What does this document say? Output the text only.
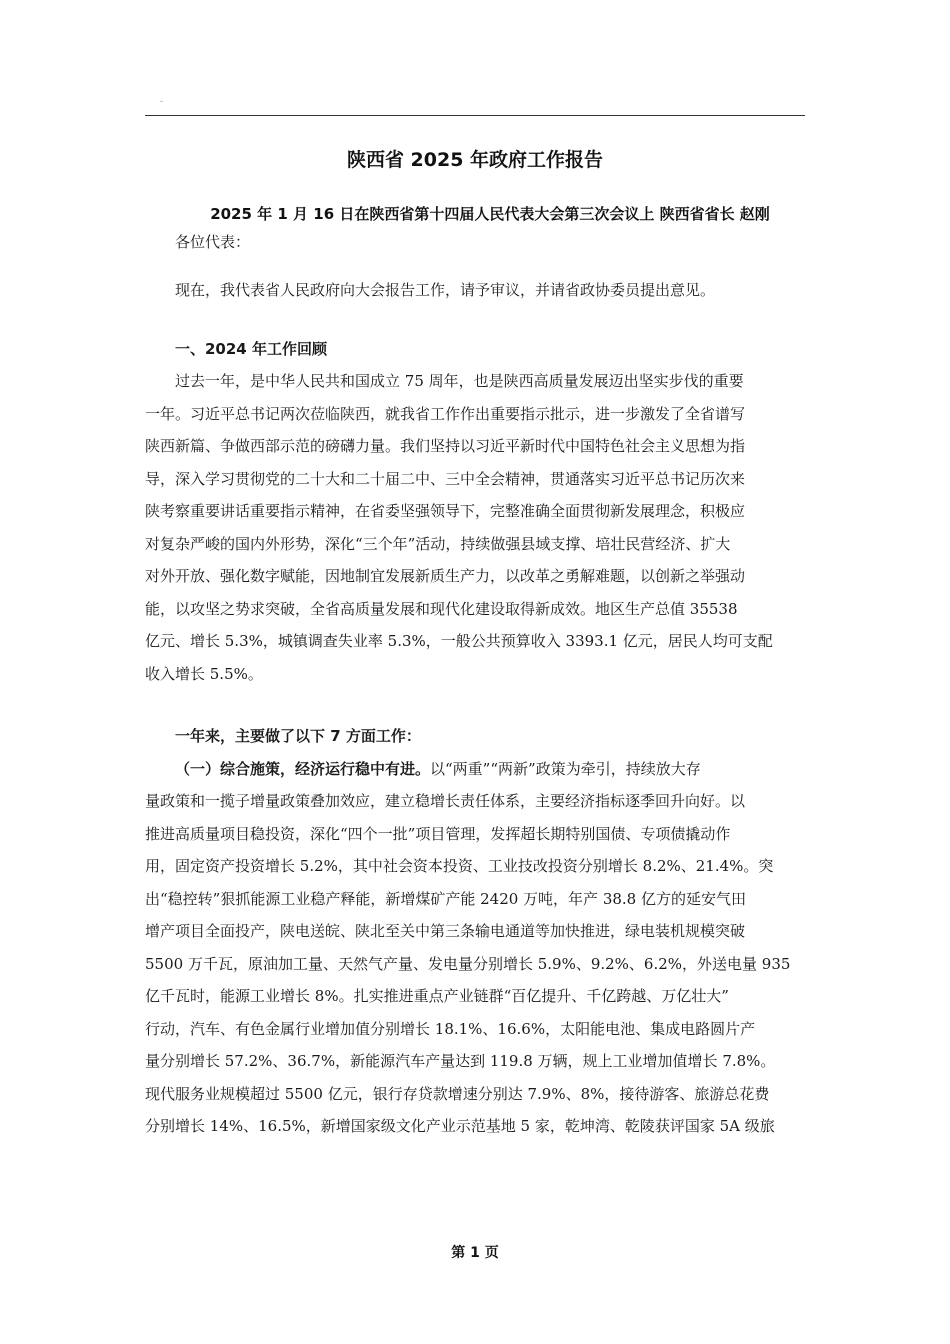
-
陕西省 2025 年政府工作报告
2025 年 1 月 16 日在陕西省第十四届人民代表大会第三次会议上 陕西省省长 赵刚
各位代表：
现在，我代表省人民政府向大会报告工作，请予审议，并请省政协委员提出意见。
一、2024 年工作回顾
过去一年，是中华人民共和国成立 75 周年，也是陕西高质量发展迈出坚实步伐的重要
一年。习近平总书记两次莅临陕西，就我省工作作出重要指示批示，进一步激发了全省谱写
陕西新篇、争做西部示范的磅礴力量。我们坚持以习近平新时代中国特色社会主义思想为指
导，深入学习贯彻党的二十大和二十届二中、三中全会精神，贯通落实习近平总书记历次来
陕考察重要讲话重要指示精神，在省委坚强领导下，完整准确全面贯彻新发展理念，积极应
对复杂严峻的国内外形势，深化“三个年”活动，持续做强县域支撑、培壮民营经济、扩大
对外开放、强化数字赋能，因地制宜发展新质生产力，以改革之勇解难题，以创新之举强动
能，以攻坚之势求突破，全省高质量发展和现代化建设取得新成效。地区生产总值 35538
亿元、增长 5.3%，城镇调查失业率 5.3%，一般公共预算收入 3393.1 亿元，居民人均可支配
收入增长 5.5%。
一年来，主要做了以下 7 方面工作：
（一）综合施策，经济运行稳中有进。以“两重”“两新”政策为牵引，持续放大存
量政策和一揽子增量政策叠加效应，建立稳增长责任体系，主要经济指标逐季回升向好。以
推进高质量项目稳投资，深化“四个一批”项目管理，发挥超长期特别国债、专项债撬动作
用，固定资产投资增长 5.2%，其中社会资本投资、工业技改投资分别增长 8.2%、21.4%。突
出“稳控转”狠抓能源工业稳产释能，新增煤矿产能 2420 万吨，年产 38.8 亿方的延安气田
增产项目全面投产，陕电送皖、陕北至关中第三条输电通道等加快推进，绿电装机规模突破
5500 万千瓦，原油加工量、天然气产量、发电量分别增长 5.9%、9.2%、6.2%，外送电量 935
亿千瓦时，能源工业增长 8%。扎实推进重点产业链群“百亿提升、千亿跨越、万亿壮大”
行动，汽车、有色金属行业增加值分别增长 18.1%、16.6%，太阳能电池、集成电路圆片产
量分别增长 57.2%、36.7%，新能源汽车产量达到 119.8 万辆，规上工业增加值增长 7.8%。
现代服务业规模超过 5500 亿元，银行存贷款增速分别达 7.9%、8%，接待游客、旅游总花费
分别增长 14%、16.5%，新增国家级文化产业示范基地 5 家，乾坤湾、乾陵获评国家 5A 级旅
第 1 页
